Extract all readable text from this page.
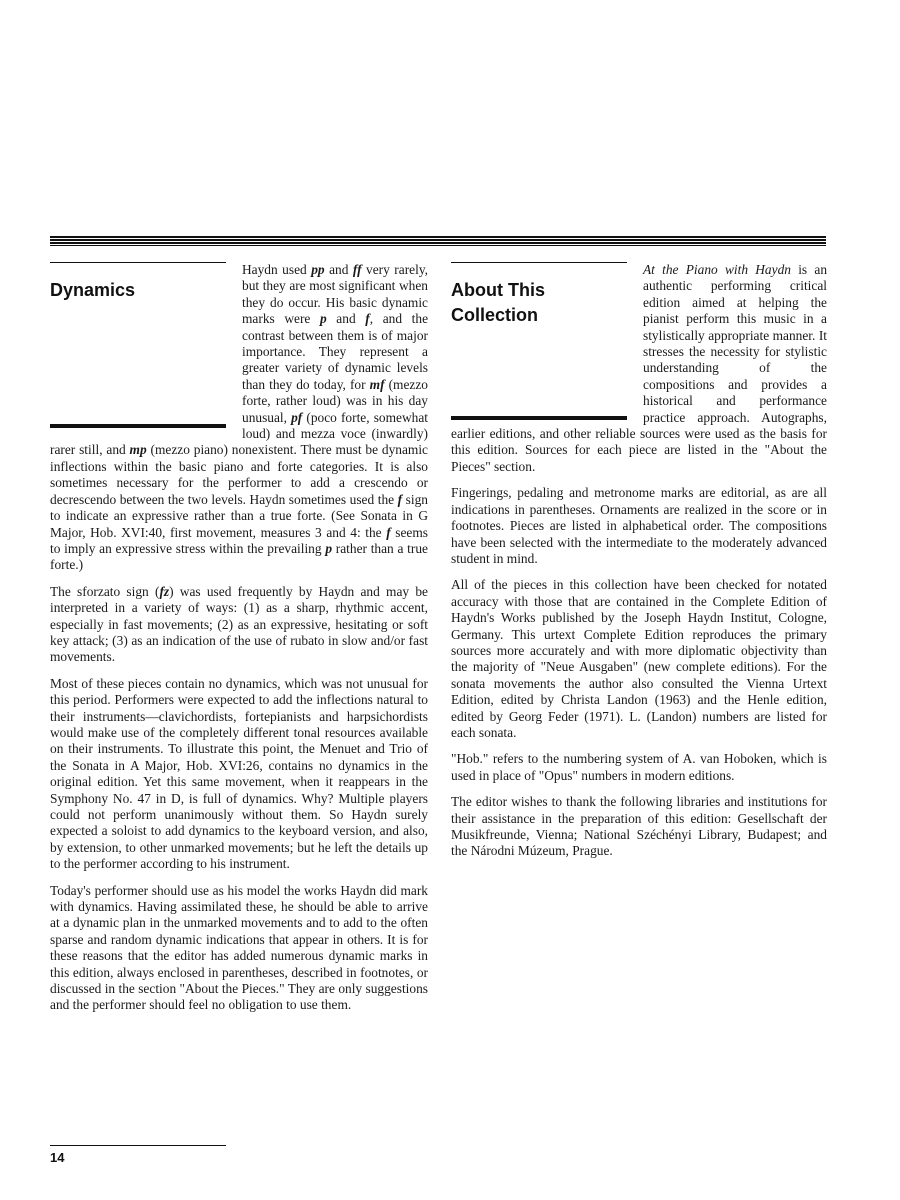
Dynamics

Haydn used pp and ff very rarely, but they are most significant when they do occur. His basic dynamic marks were p and f, and the contrast between them is of major importance. They represent a greater variety of dynamic levels than they do today, for mf (mezzo forte, rather loud) was in his day unusual, pf (poco forte, somewhat loud) and mezza voce (inwardly) rarer still, and mp (mezzo piano) nonexistent. There must be dynamic inflections within the basic piano and forte categories. It is also sometimes necessary for the performer to add a crescendo or decrescendo between the two levels. Haydn sometimes used the f sign to indicate an expressive rather than a true forte. (See Sonata in G Major, Hob. XVI:40, first movement, measures 3 and 4: the f seems to imply an expressive stress within the prevailing p rather than a true forte.)

The sforzato sign (fz) was used frequently by Haydn and may be interpreted in a variety of ways: (1) as a sharp, rhythmic accent, especially in fast movements; (2) as an expressive, hesitating or soft key attack; (3) as an indication of the use of rubato in slow and/or fast movements.

Most of these pieces contain no dynamics, which was not unusual for this period. Performers were expected to add the inflections natural to their instruments—clavichordists, fortepianists and harpsichordists would make use of the completely different tonal resources available on their instruments. To illustrate this point, the Menuet and Trio of the Sonata in A Major, Hob. XVI:26, contains no dynamics in the original edition. Yet this same movement, when it reappears in the Symphony No. 47 in D, is full of dynamics. Why? Multiple players could not perform unanimously without them. So Haydn surely expected a soloist to add dynamics to the keyboard version, and also, by extension, to other unmarked movements; but he left the details up to the performer according to his instrument.

Today's performer should use as his model the works Haydn did mark with dynamics. Having assimilated these, he should be able to arrive at a dynamic plan in the unmarked movements and to add to the often sparse and random dynamic indications that appear in others. It is for these reasons that the editor has added numerous dynamic marks in this edition, always enclosed in parentheses, described in footnotes, or discussed in the section "About the Pieces." They are only suggestions and the performer should feel no obligation to use them.

About This
Collection

At the Piano with Haydn is an authentic performing critical edition aimed at helping the pianist perform this music in a stylistically appropriate manner. It stresses the necessity for stylistic understanding of the compositions and provides a historical and performance practice approach. Autographs, earlier editions, and other reliable sources were used as the basis for this edition. Sources for each piece are listed in the "About the Pieces" section.

Fingerings, pedaling and metronome marks are editorial, as are all indications in parentheses. Ornaments are realized in the score or in footnotes. Pieces are listed in alphabetical order. The compositions have been selected with the intermediate to the moderately advanced student in mind.

All of the pieces in this collection have been checked for notated accuracy with those that are contained in the Complete Edition of Haydn's Works published by the Joseph Haydn Institut, Cologne, Germany. This urtext Complete Edition reproduces the primary sources more accurately and with more diplomatic objectivity than the majority of "Neue Ausgaben" (new complete editions). For the sonata movements the author also consulted the Vienna Urtext Edition, edited by Christa Landon (1963) and the Henle edition, edited by Georg Feder (1971). L. (Landon) numbers are listed for each sonata.

"Hob." refers to the numbering system of A. van Hoboken, which is used in place of "Opus" numbers in modern editions.

The editor wishes to thank the following libraries and institutions for their assistance in the preparation of this edition: Gesellschaft der Musikfreunde, Vienna; National Széchényi Library, Budapest; and the Národni Múzeum, Prague.

14
